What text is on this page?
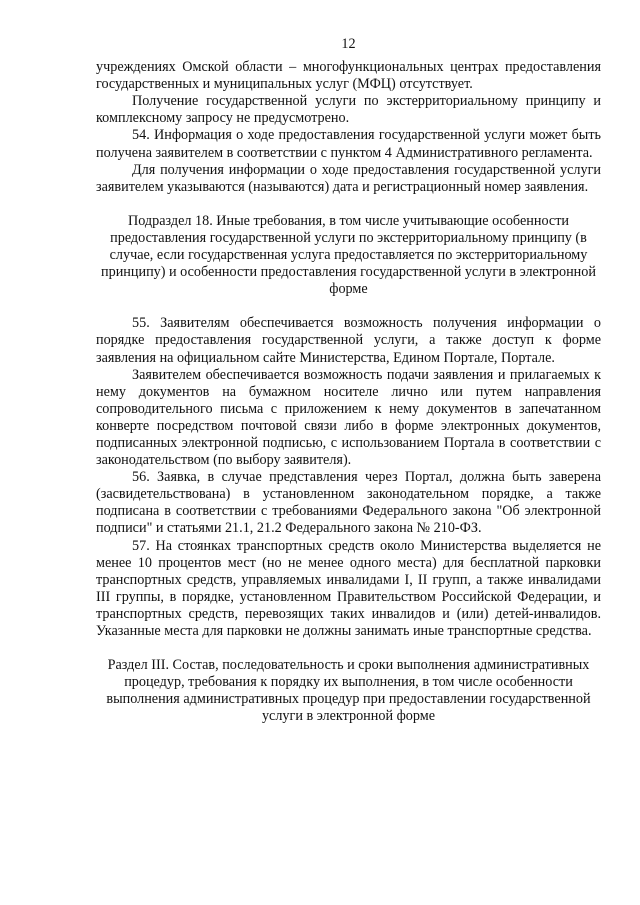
12

учреждениях Омской области – многофункциональных центрах предоставления государственных и муниципальных услуг (МФЦ) отсутствует.

Получение государственной услуги по экстерриториальному принципу и комплексному запросу не предусмотрено.

54. Информация о ходе предоставления государственной услуги может быть получена заявителем в соответствии с пунктом 4 Административного регламента.

Для получения информации о ходе предоставления государственной услуги заявителем указываются (называются) дата и регистрационный номер заявления.

Подраздел 18. Иные требования, в том числе учитывающие особенности предоставления государственной услуги по экстерриториальному принципу (в случае, если государственная услуга предоставляется по экстерриториальному принципу) и особенности предоставления государственной услуги в электронной форме

55. Заявителям обеспечивается возможность получения информации о порядке предоставления государственной услуги, а также доступ к форме заявления на официальном сайте Министерства, Едином Портале, Портале.

Заявителем обеспечивается возможность подачи заявления и прилагаемых к нему документов на бумажном носителе лично или путем направления сопроводительного письма с приложением к нему документов в запечатанном конверте посредством почтовой связи либо в форме электронных документов, подписанных электронной подписью, с использованием Портала в соответствии с законодательством (по выбору заявителя).

56. Заявка, в случае представления через Портал, должна быть заверена (засвидетельствована) в установленном законодательном порядке, а также подписана в соответствии с требованиями Федерального закона "Об электронной подписи" и статьями 21.1, 21.2 Федерального закона № 210-ФЗ.

57. На стоянках транспортных средств около Министерства выделяется не менее 10 процентов мест (но не менее одного места) для бесплатной парковки транспортных средств, управляемых инвалидами I, II групп, а также инвалидами III группы, в порядке, установленном Правительством Российской Федерации, и транспортных средств, перевозящих таких инвалидов и (или) детей-инвалидов. Указанные места для парковки не должны занимать иные транспортные средства.

Раздел III. Состав, последовательность и сроки выполнения административных процедур, требования к порядку их выполнения, в том числе особенности выполнения административных процедур при предоставлении государственной услуги в электронной форме
